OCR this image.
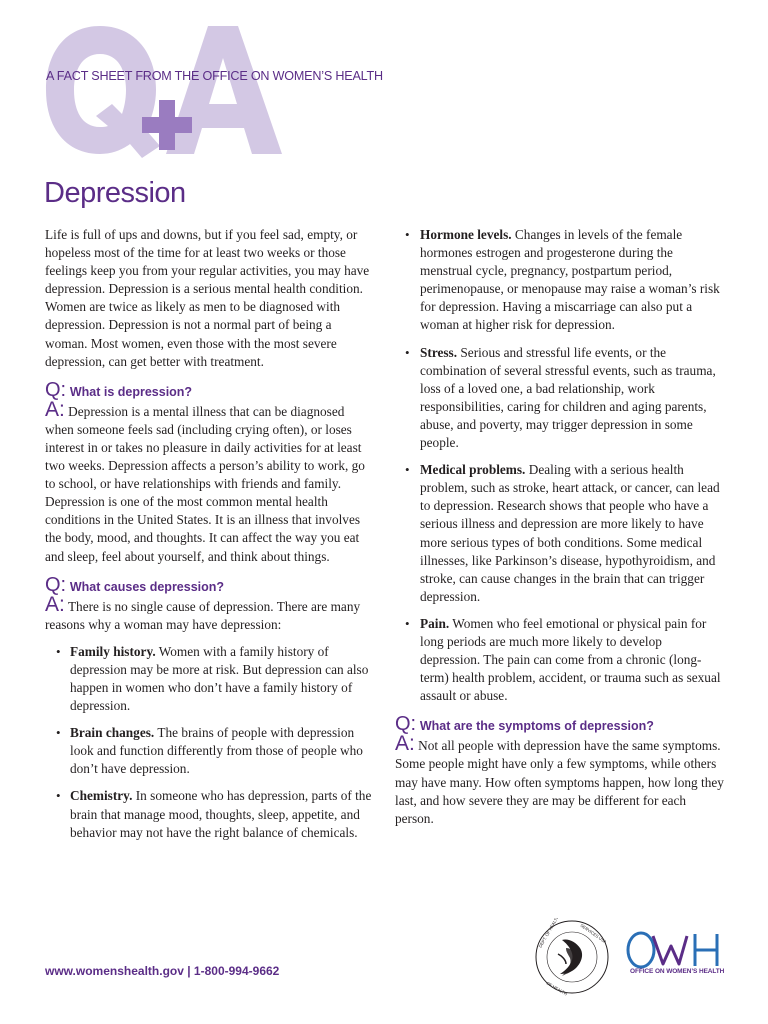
A FACT SHEET FROM THE OFFICE ON WOMEN’S HEALTH
Depression

Life is full of ups and downs, but if you feel sad, empty, or hopeless most of the time for at least two weeks or those feelings keep you from your regular activities, you may have depression. Depression is a serious mental health condition. Women are twice as likely as men to be diagnosed with depression. Depression is not a normal part of being a woman. Most women, even those with the most severe depression, can get better with treatment.

Q: What is depression?

A: Depression is a mental illness that can be diagnosed when someone feels sad (including crying often), or loses interest in or takes no pleasure in daily activities for at least two weeks. Depression affects a person’s ability to work, go to school, or have relationships with friends and family. Depression is one of the most common mental health conditions in the United States. It is an illness that involves the body, mood, and thoughts. It can affect the way you eat and sleep, feel about yourself, and think about things.

Q: What causes depression?

A: There is no single cause of depression. There are many reasons why a woman may have depression:

• Family history. Women with a family history of depression may be more at risk. But depression can also happen in women who don’t have a family history of depression.
• Brain changes. The brains of people with depression look and function differently from those of people who don’t have depression.
• Chemistry. In someone who has depression, parts of the brain that manage mood, thoughts, sleep, appetite, and behavior may not have the right balance of chemicals.
• Hormone levels. Changes in levels of the female hormones estrogen and progesterone during the menstrual cycle, pregnancy, postpartum period, perimenopause, or menopause may raise a woman’s risk for depression. Having a miscarriage can also put a woman at higher risk for depression.
• Stress. Serious and stressful life events, or the combination of several stressful events, such as trauma, loss of a loved one, a bad relationship, work responsibilities, caring for children and aging parents, abuse, and poverty, may trigger depression in some people.
• Medical problems. Dealing with a serious health problem, such as stroke, heart attack, or cancer, can lead to depression. Research shows that people who have a serious illness and depression are more likely to have more serious types of both conditions. Some medical illnesses, like Parkinson’s disease, hypothyroidism, and stroke, can cause changes in the brain that can trigger depression.
• Pain. Women who feel emotional or physical pain for long periods are much more likely to develop depression. The pain can come from a chronic (long-term) health problem, accident, or trauma such as sexual assault or abuse.

Q: What are the symptoms of depression?

A: Not all people with depression have the same symptoms. Some people might have only a few symptoms, while others may have many. How often symptoms happen, how long they last, and how severe they are may be different for each person.

www.womenshealth.gov | 1-800-994-9662
DEPT. OF HEALTH	SERVICES USA
OF HEALTH
OFFICE ON WOMEN’S HEALTH
